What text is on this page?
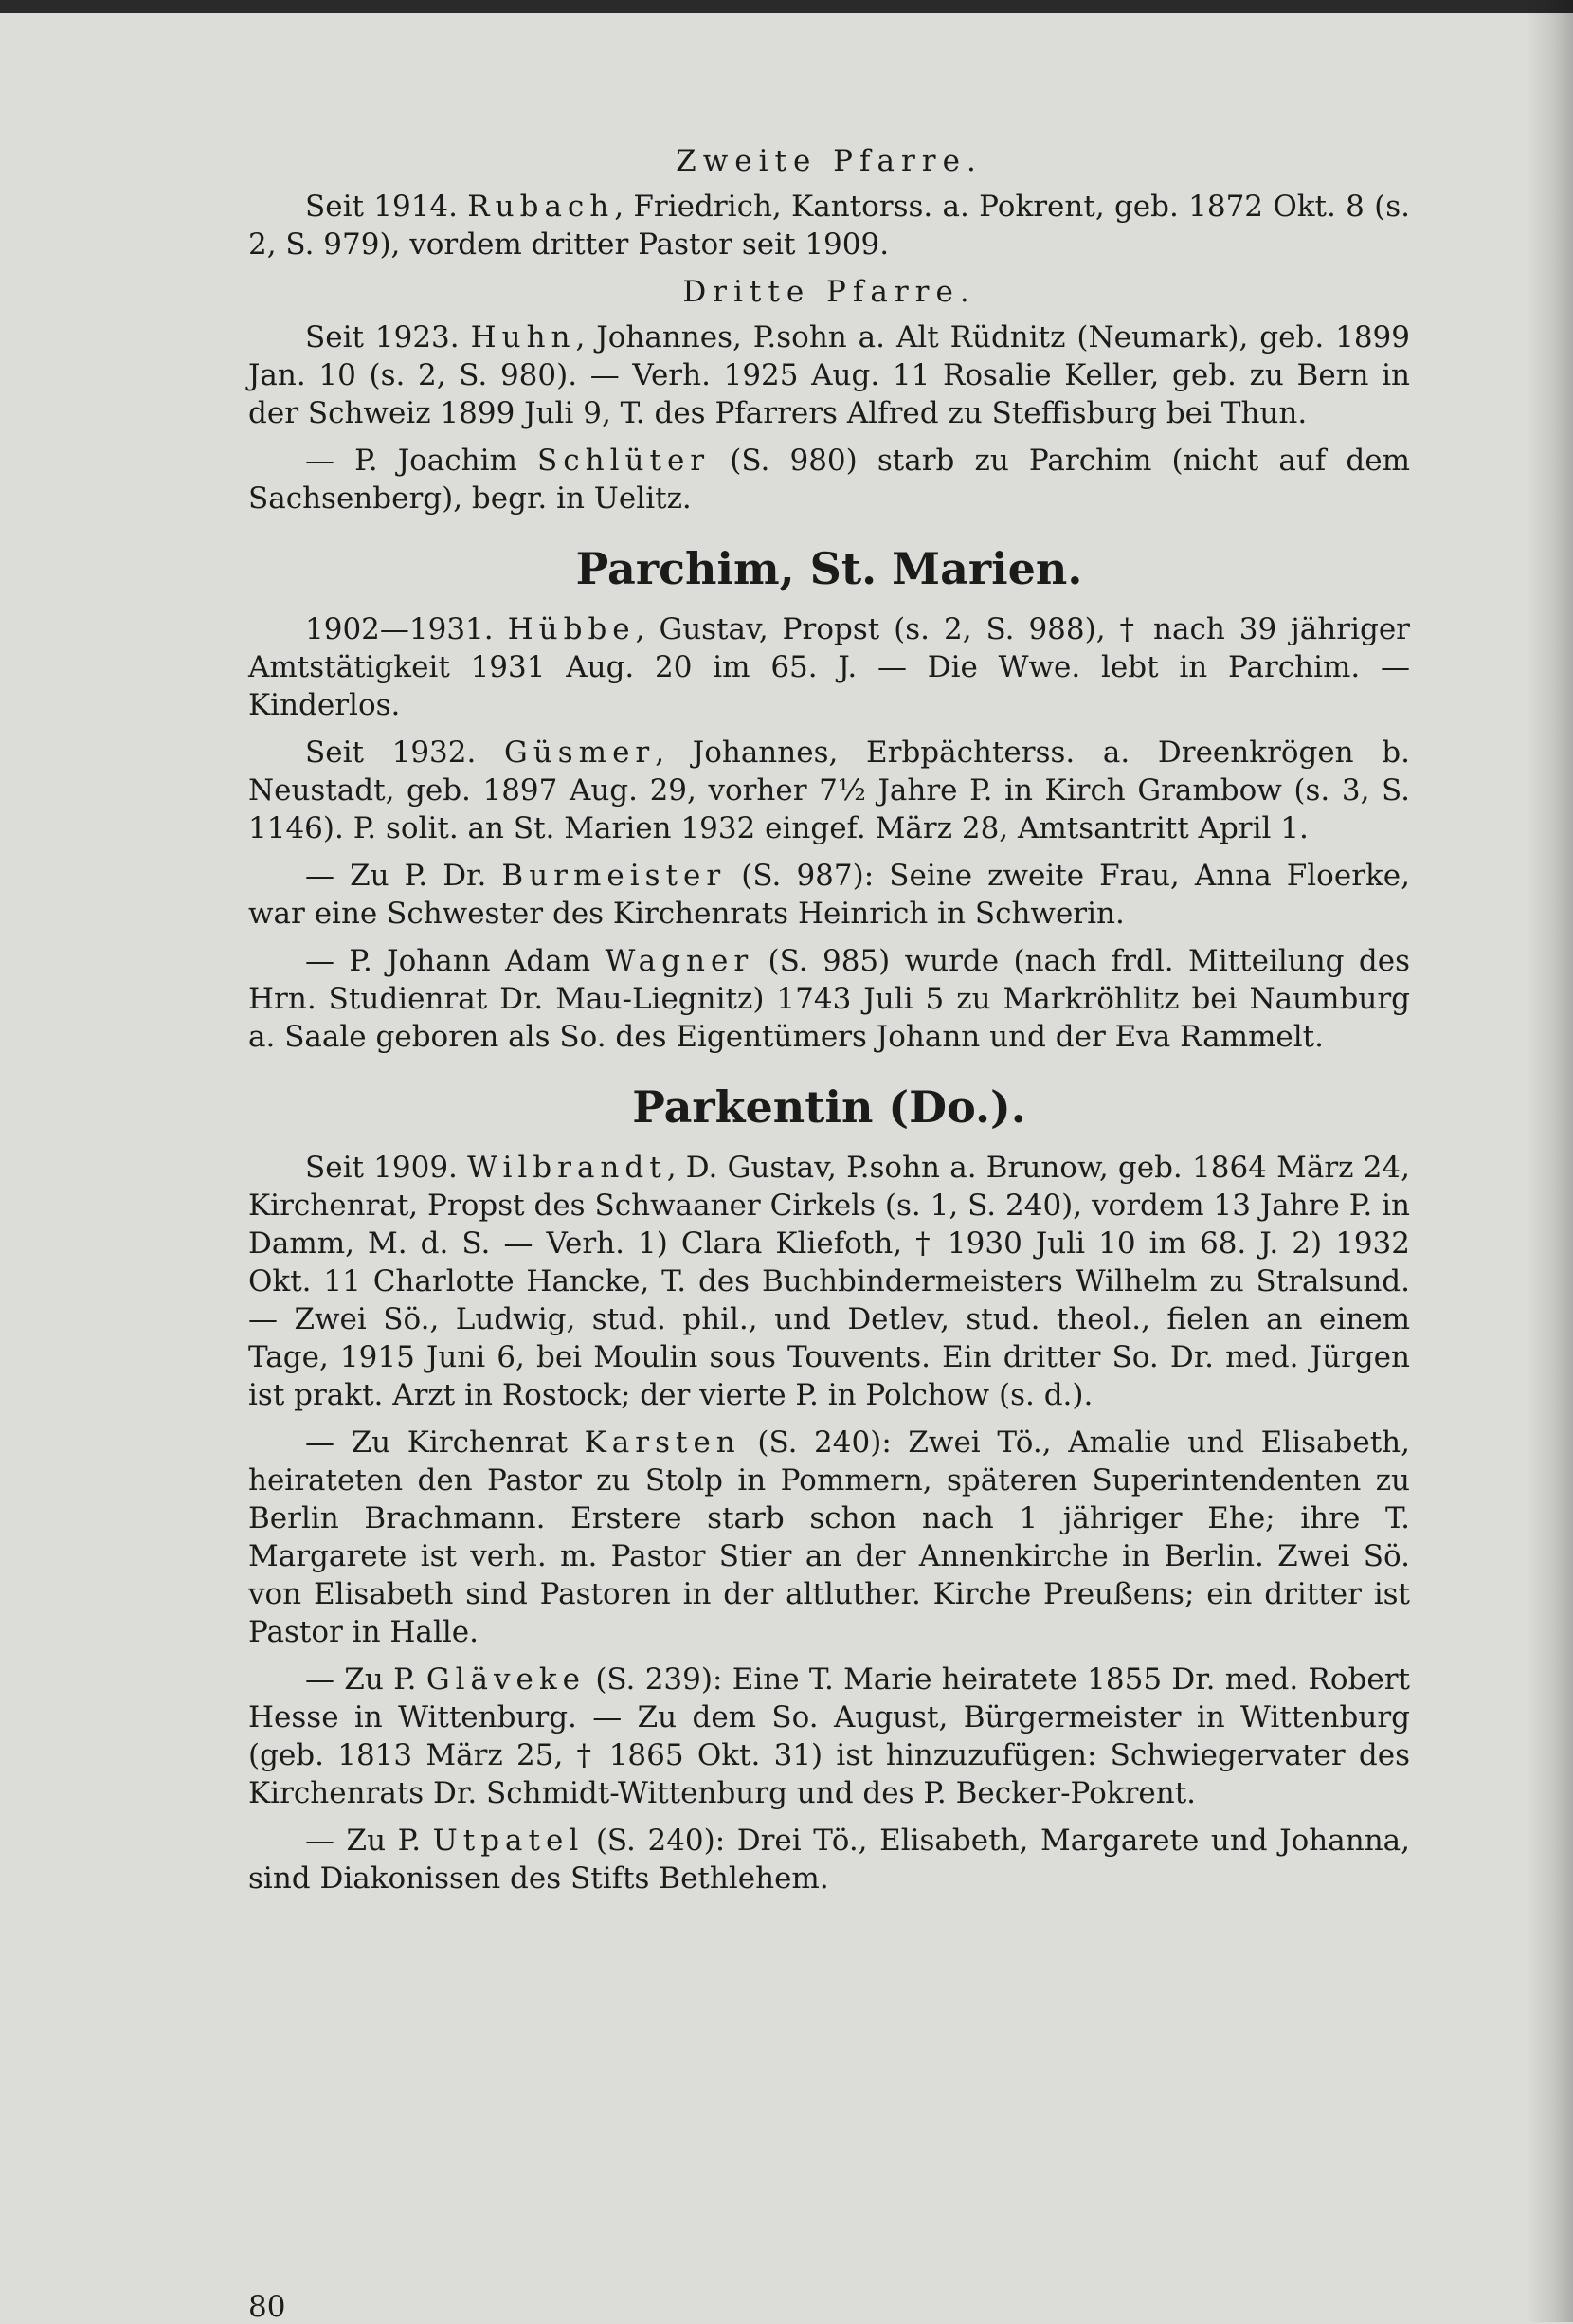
Zweite Pfarre.

Seit 1914. Rubach, Friedrich, Kantorss. a. Pokrent, geb. 1872 Okt. 8 (s. 2, S. 979), vordem dritter Pastor seit 1909.

Dritte Pfarre.

Seit 1923. Huhn, Johannes, P.sohn a. Alt Rüdnitz (Neumark), geb. 1899 Jan. 10 (s. 2, S. 980). — Verh. 1925 Aug. 11 Rosalie Keller, geb. zu Bern in der Schweiz 1899 Juli 9, T. des Pfarrers Alfred zu Steffisburg bei Thun.

— P. Joachim Schlüter (S. 980) starb zu Parchim (nicht auf dem Sachsenberg), begr. in Uelitz.

Parchim, St. Marien.

1902—1931. Hübbe, Gustav, Propst (s. 2, S. 988), † nach 39 jähriger Amtstätigkeit 1931 Aug. 20 im 65. J. — Die Wwe. lebt in Parchim. — Kinderlos.

Seit 1932. Güsmer, Johannes, Erbpächterss. a. Dreenkrögen b. Neustadt, geb. 1897 Aug. 29, vorher 7½ Jahre P. in Kirch Grambow (s. 3, S. 1146). P. solit. an St. Marien 1932 eingef. März 28, Amtsantritt April 1.

— Zu P. Dr. Burmeister (S. 987): Seine zweite Frau, Anna Floerke, war eine Schwester des Kirchenrats Heinrich in Schwerin.

— P. Johann Adam Wagner (S. 985) wurde (nach frdl. Mitteilung des Hrn. Studienrat Dr. Mau-Liegnitz) 1743 Juli 5 zu Markröhlitz bei Naumburg a. Saale geboren als So. des Eigentümers Johann und der Eva Rammelt.

Parkentin (Do.).

Seit 1909. Wilbrandt, D. Gustav, P.sohn a. Brunow, geb. 1864 März 24, Kirchenrat, Propst des Schwaaner Cirkels (s. 1, S. 240), vordem 13 Jahre P. in Damm, M. d. S. — Verh. 1) Clara Kliefoth, † 1930 Juli 10 im 68. J. 2) 1932 Okt. 11 Charlotte Hancke, T. des Buchbindermeisters Wilhelm zu Stralsund. — Zwei Sö., Ludwig, stud. phil., und Detlev, stud. theol., fielen an einem Tage, 1915 Juni 6, bei Moulin sous Touvents. Ein dritter So. Dr. med. Jürgen ist prakt. Arzt in Rostock; der vierte P. in Polchow (s. d.).

— Zu Kirchenrat Karsten (S. 240): Zwei Tö., Amalie und Elisabeth, heirateten den Pastor zu Stolp in Pommern, späteren Superintendenten zu Berlin Brachmann. Erstere starb schon nach 1 jähriger Ehe; ihre T. Margarete ist verh. m. Pastor Stier an der Annenkirche in Berlin. Zwei Sö. von Elisabeth sind Pastoren in der altluther. Kirche Preußens; ein dritter ist Pastor in Halle.

— Zu P. Gläveke (S. 239): Eine T. Marie heiratete 1855 Dr. med. Robert Hesse in Wittenburg. — Zu dem So. August, Bürgermeister in Wittenburg (geb. 1813 März 25, † 1865 Okt. 31) ist hinzuzufügen: Schwiegervater des Kirchenrats Dr. Schmidt-Wittenburg und des P. Becker-Pokrent.

— Zu P. Utpatel (S. 240): Drei Tö., Elisabeth, Margarete und Johanna, sind Diakonissen des Stifts Bethlehem.

80
